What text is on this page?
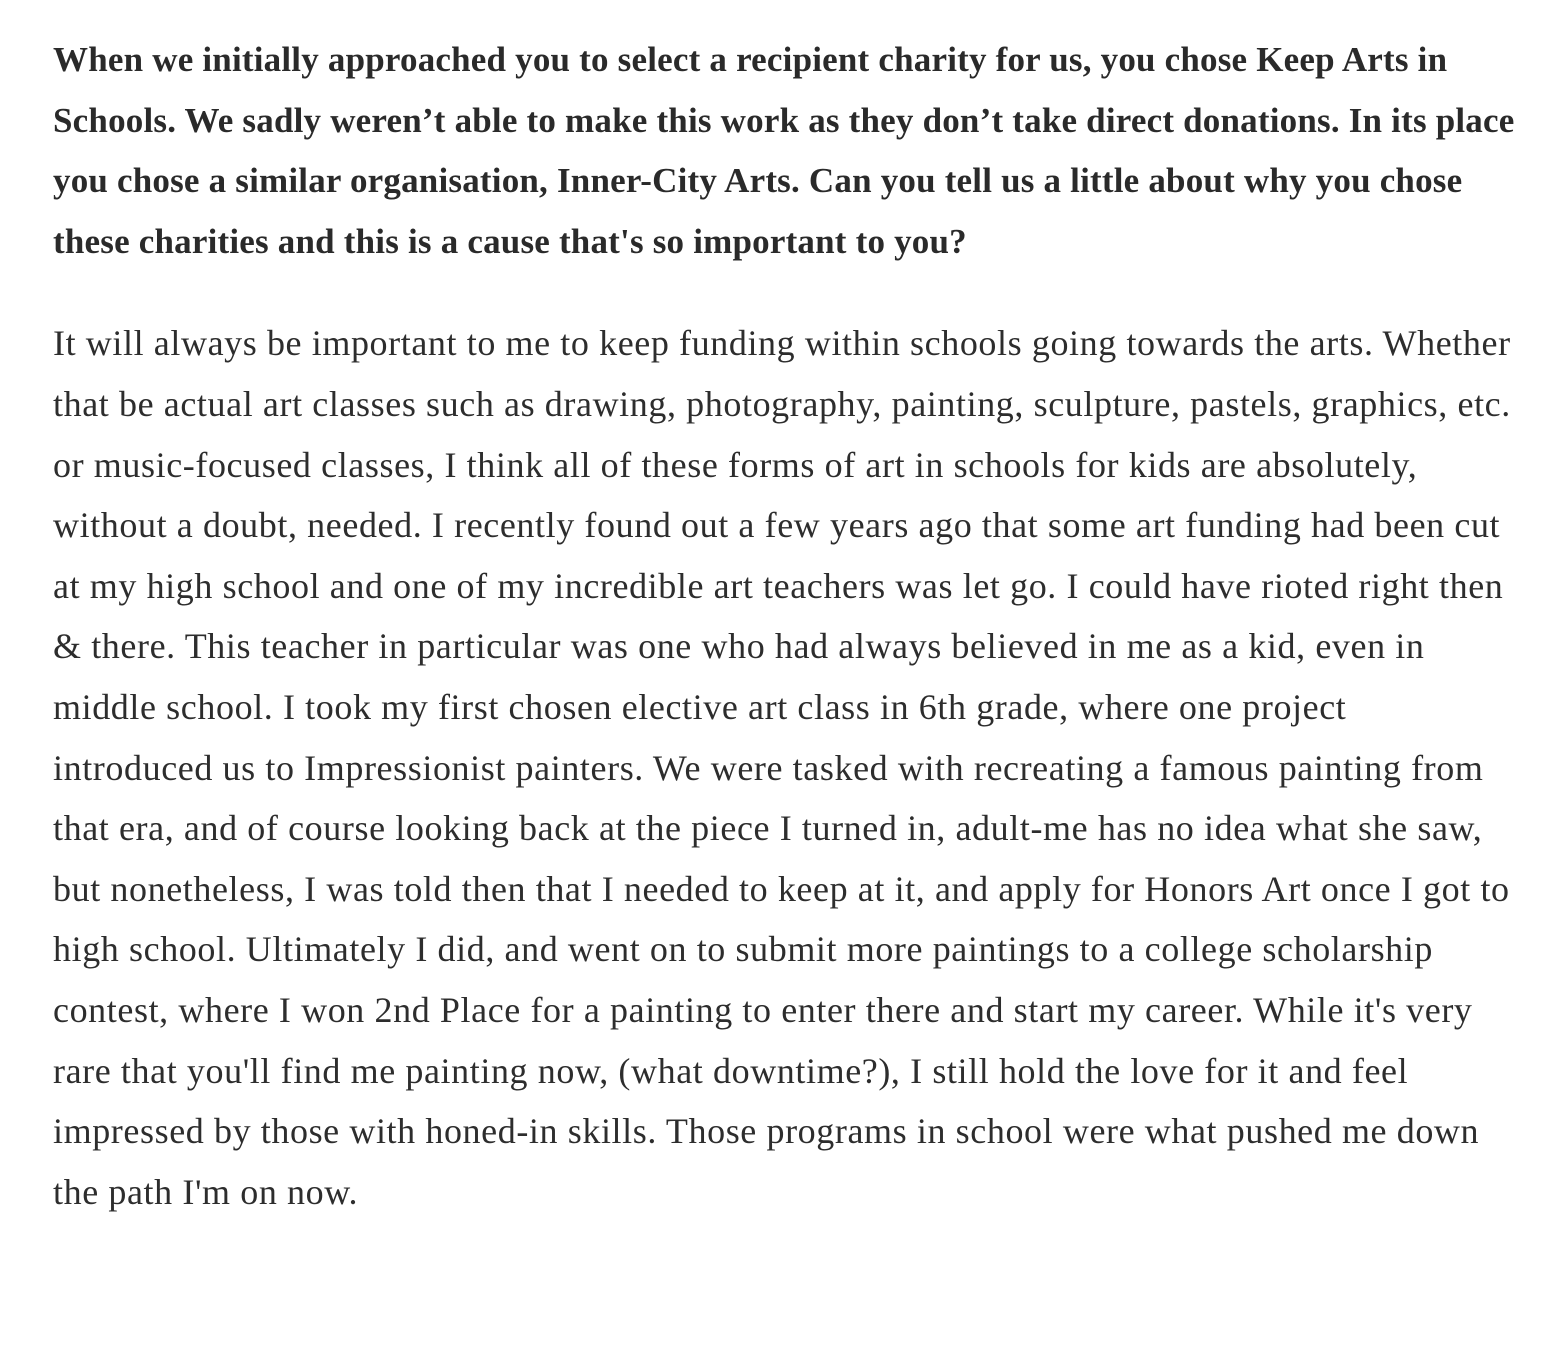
When we initially approached you to select a recipient charity for us, you chose Keep Arts in Schools. We sadly weren’t able to make this work as they don’t take direct donations. In its place you chose a similar organisation, Inner-City Arts. Can you tell us a little about why you chose these charities and this is a cause that's so important to you?

It will always be important to me to keep funding within schools going towards the arts. Whether that be actual art classes such as drawing, photography, painting, sculpture, pastels, graphics, etc. or music-focused classes, I think all of these forms of art in schools for kids are absolutely, without a doubt, needed. I recently found out a few years ago that some art funding had been cut at my high school and one of my incredible art teachers was let go. I could have rioted right then & there. This teacher in particular was one who had always believed in me as a kid, even in middle school. I took my first chosen elective art class in 6th grade, where one project introduced us to Impressionist painters. We were tasked with recreating a famous painting from that era, and of course looking back at the piece I turned in, adult-me has no idea what she saw, but nonetheless, I was told then that I needed to keep at it, and apply for Honors Art once I got to high school. Ultimately I did, and went on to submit more paintings to a college scholarship contest, where I won 2nd Place for a painting to enter there and start my career. While it's very rare that you'll find me painting now, (what downtime?), I still hold the love for it and feel impressed by those with honed-in skills. Those programs in school were what pushed me down the path I'm on now.
